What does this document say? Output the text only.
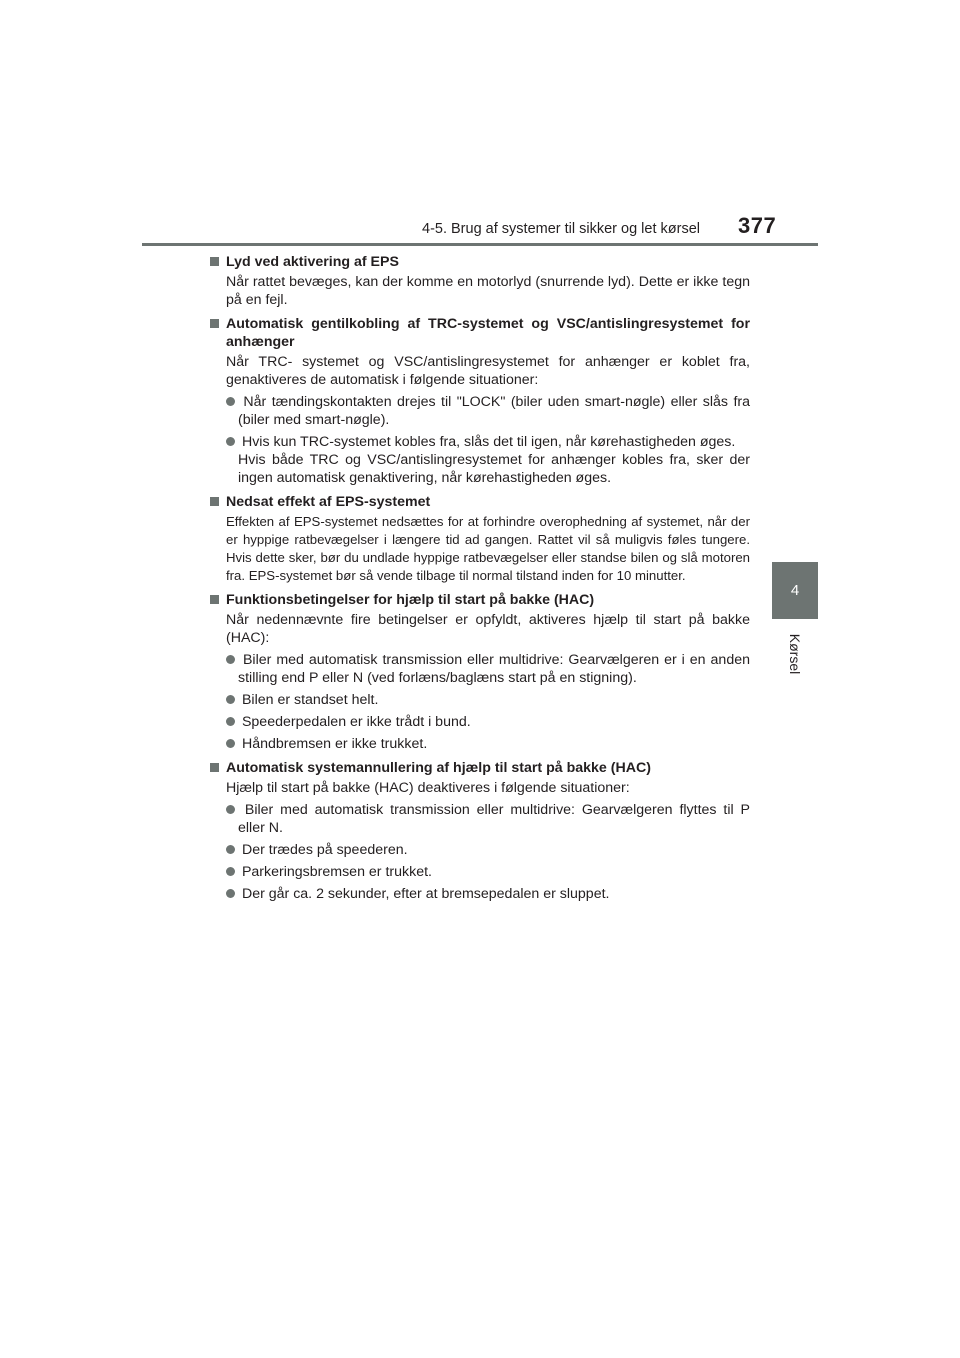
4-5. Brug af systemer til sikker og let kørsel 377
4
Kørsel
Lyd ved aktivering af EPS
Når rattet bevæges, kan der komme en motorlyd (snurrende lyd). Dette er ikke tegn på en fejl.
Automatisk gentilkobling af TRC-systemet og VSC/antislingresystemet for anhænger
Når TRC- systemet og VSC/antislingresystemet for anhænger er koblet fra, genaktiveres de automatisk i følgende situationer:
Når tændingskontakten drejes til "LOCK" (biler uden smart-nøgle) eller slås fra (biler med smart-nøgle).
Hvis kun TRC-systemet kobles fra, slås det til igen, når kørehastigheden øges.
Hvis både TRC og VSC/antislingresystemet for anhænger kobles fra, sker der ingen automatisk genaktivering, når kørehastigheden øges.
Nedsat effekt af EPS-systemet
Effekten af EPS-systemet nedsættes for at forhindre overophedning af systemet, når der er hyppige ratbevægelser i længere tid ad gangen. Rattet vil så muligvis føles tungere. Hvis dette sker, bør du undlade hyppige ratbevægelser eller standse bilen og slå motoren fra. EPS-systemet bør så vende tilbage til normal tilstand inden for 10 minutter.
Funktionsbetingelser for hjælp til start på bakke (HAC)
Når nedennævnte fire betingelser er opfyldt, aktiveres hjælp til start på bakke (HAC):
Biler med automatisk transmission eller multidrive: Gearvælgeren er i en anden stilling end P eller N (ved forlæns/baglæns start på en stigning).
Bilen er standset helt.
Speederpedalen er ikke trådt i bund.
Håndbremsen er ikke trukket.
Automatisk systemannullering af hjælp til start på bakke (HAC)
Hjælp til start på bakke (HAC) deaktiveres i følgende situationer:
Biler med automatisk transmission eller multidrive: Gearvælgeren flyttes til P eller N.
Der trædes på speederen.
Parkeringsbremsen er trukket.
Der går ca. 2 sekunder, efter at bremsepedalen er sluppet.
